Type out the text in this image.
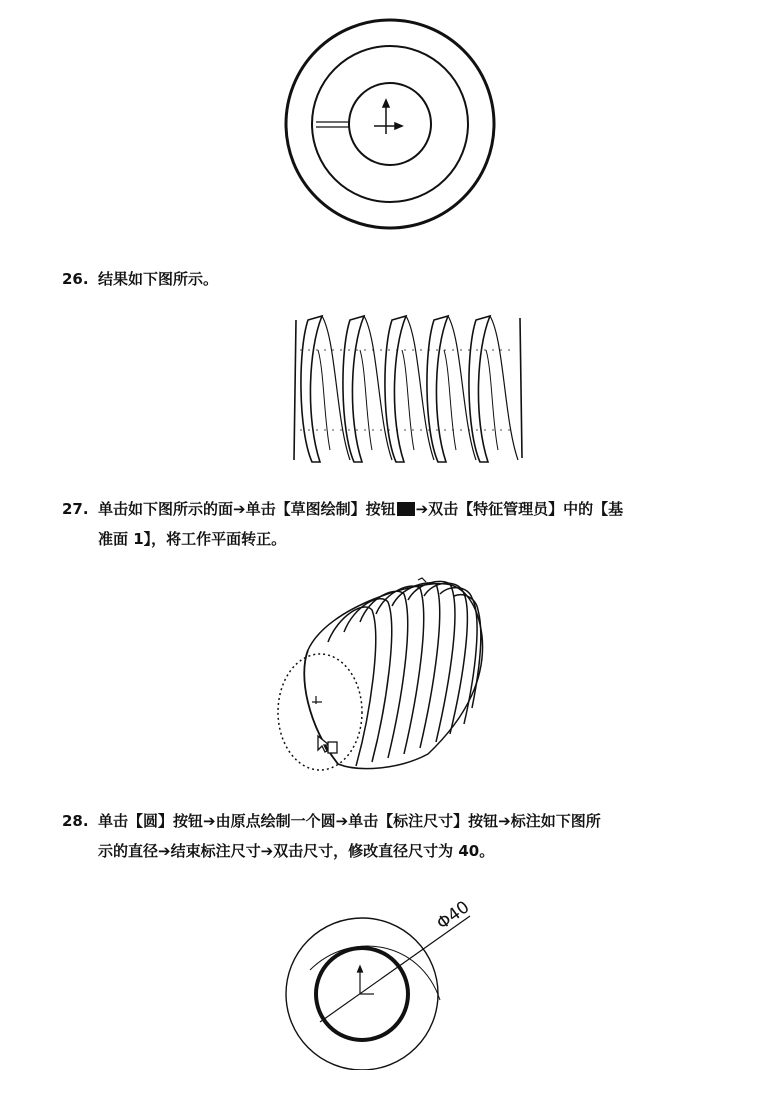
26. 结果如下图所示。
27. 单击如下图所示的面➔单击【草图绘制】按钮 ➔双击【特征管理员】中的【基
准面 1】，将工作平面转正。
28. 单击【圆】按钮➔由原点绘制一个圆➔单击【标注尺寸】按钮➔标注如下图所
示的直径➔结束标注尺寸➔双击尺寸，修改直径尺寸为 40。
Φ40
